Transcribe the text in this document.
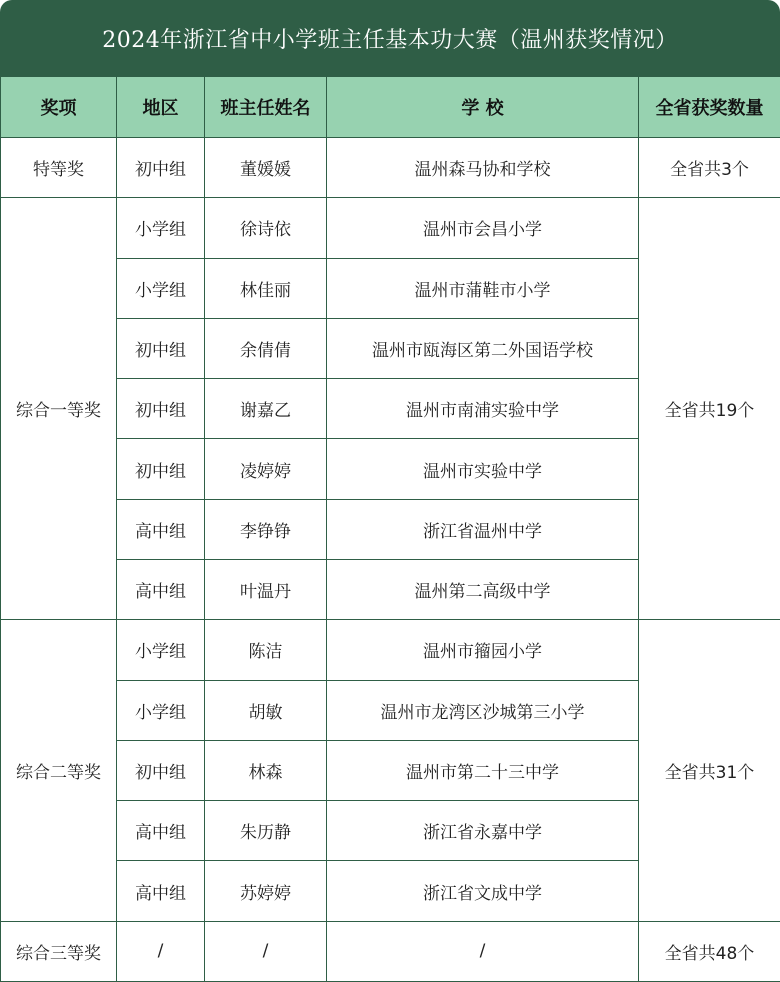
2024年浙江省中小学班主任基本功大赛（温州获奖情况）
奖项	地区	班主任姓名	学 校	全省获奖数量
特等奖	初中组	董媛媛	温州森马协和学校	全省共3个
综合一等奖	小学组	徐诗依	温州市会昌小学	全省共19个
	小学组	林佳丽	温州市蒲鞋市小学	
	初中组	余倩倩	温州市瓯海区第二外国语学校	
	初中组	谢嘉乙	温州市南浦实验中学	
	初中组	凌婷婷	温州市实验中学	
	高中组	李铮铮	浙江省温州中学	
	高中组	叶温丹	温州第二高级中学	
综合二等奖	小学组	陈洁	温州市籀园小学	全省共31个
	小学组	胡敏	温州市龙湾区沙城第三小学	
	初中组	林森	温州市第二十三中学	
	高中组	朱历静	浙江省永嘉中学	
	高中组	苏婷婷	浙江省文成中学	
综合三等奖	/	/	/	全省共48个
